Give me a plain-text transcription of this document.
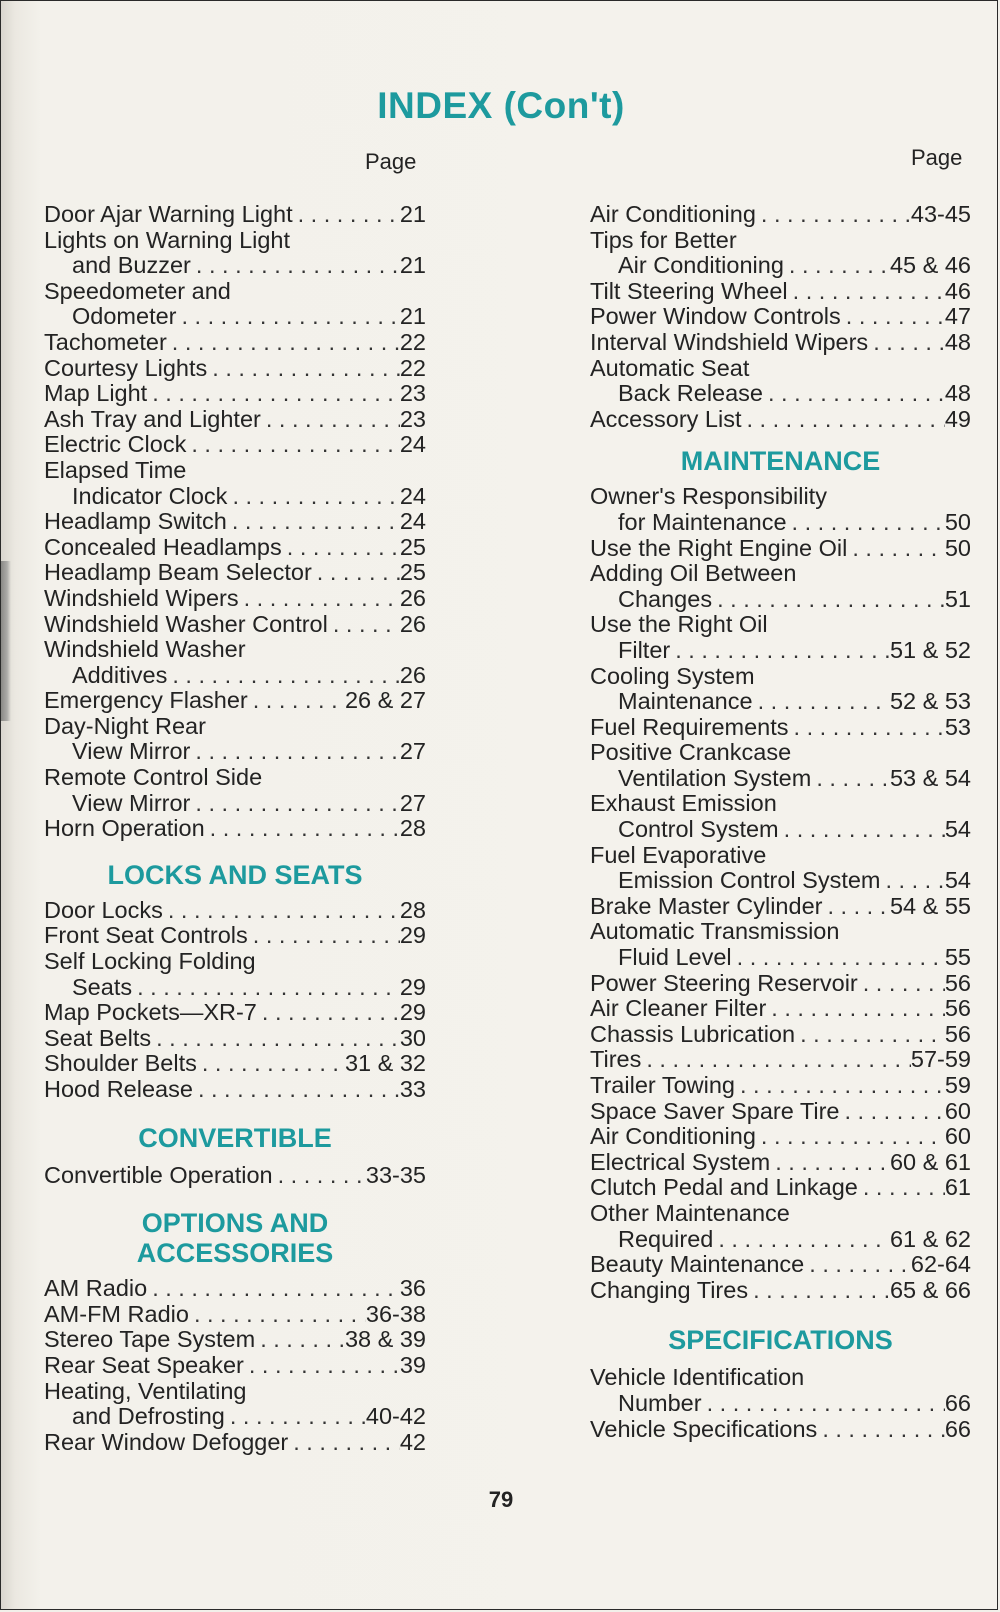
INDEX (Con't)
Page	Page
Door Ajar Warning Light . . .	21
Lights on Warning Light
and Buzzer . . .	21
Speedometer and
Odometer . . .	21
Tachometer . . .	22
Courtesy Lights . . .	22
Map Light . . .	23
Ash Tray and Lighter . . .	23
Electric Clock . . .	24
Elapsed Time
Indicator Clock . . .	24
Headlamp Switch . . .	24
Concealed Headlamps . . .	25
Headlamp Beam Selector . . .	25
Windshield Wipers . . .	26
Windshield Washer Control . . .	26
Windshield Washer
Additives . . .	26
Emergency Flasher . . .	26 & 27
Day-Night Rear
View Mirror . . .	27
Remote Control Side
View Mirror . . .	27
Horn Operation . . .	28
LOCKS AND SEATS
Door Locks . . .	28
Front Seat Controls . . .	29
Self Locking Folding
Seats . . .	29
Map Pockets—XR-7 . . .	29
Seat Belts . . .	30
Shoulder Belts . . .	31 & 32
Hood Release . . .	33
CONVERTIBLE
Convertible Operation . . .	33-35
OPTIONS AND
ACCESSORIES
AM Radio . . .	36
AM-FM Radio . . .	36-38
Stereo Tape System . . .	38 & 39
Rear Seat Speaker . . .	39
Heating, Ventilating
and Defrosting . . .	40-42
Rear Window Defogger . . .	42
Air Conditioning . . .	43-45
Tips for Better
Air Conditioning . . .	45 & 46
Tilt Steering Wheel . . .	46
Power Window Controls . . .	47
Interval Windshield Wipers . . .	48
Automatic Seat
Back Release . . .	48
Accessory List . . .	49
MAINTENANCE
Owner's Responsibility
for Maintenance . . .	50
Use the Right Engine Oil . . .	50
Adding Oil Between
Changes . . .	51
Use the Right Oil
Filter . . .	51 & 52
Cooling System
Maintenance . . .	52 & 53
Fuel Requirements . . .	53
Positive Crankcase
Ventilation System . . .	53 & 54
Exhaust Emission
Control System . . .	54
Fuel Evaporative
Emission Control System . . .	54
Brake Master Cylinder . . .	54 & 55
Automatic Transmission
Fluid Level . . .	55
Power Steering Reservoir . . .	56
Air Cleaner Filter . . .	56
Chassis Lubrication . . .	56
Tires . . .	57-59
Trailer Towing . . .	59
Space Saver Spare Tire . . .	60
Air Conditioning . . .	60
Electrical System . . .	60 & 61
Clutch Pedal and Linkage . . .	61
Other Maintenance
Required . . .	61 & 62
Beauty Maintenance . . .	62-64
Changing Tires . . .	65 & 66
SPECIFICATIONS
Vehicle Identification
Number . . .	66
Vehicle Specifications . . .	66
79
